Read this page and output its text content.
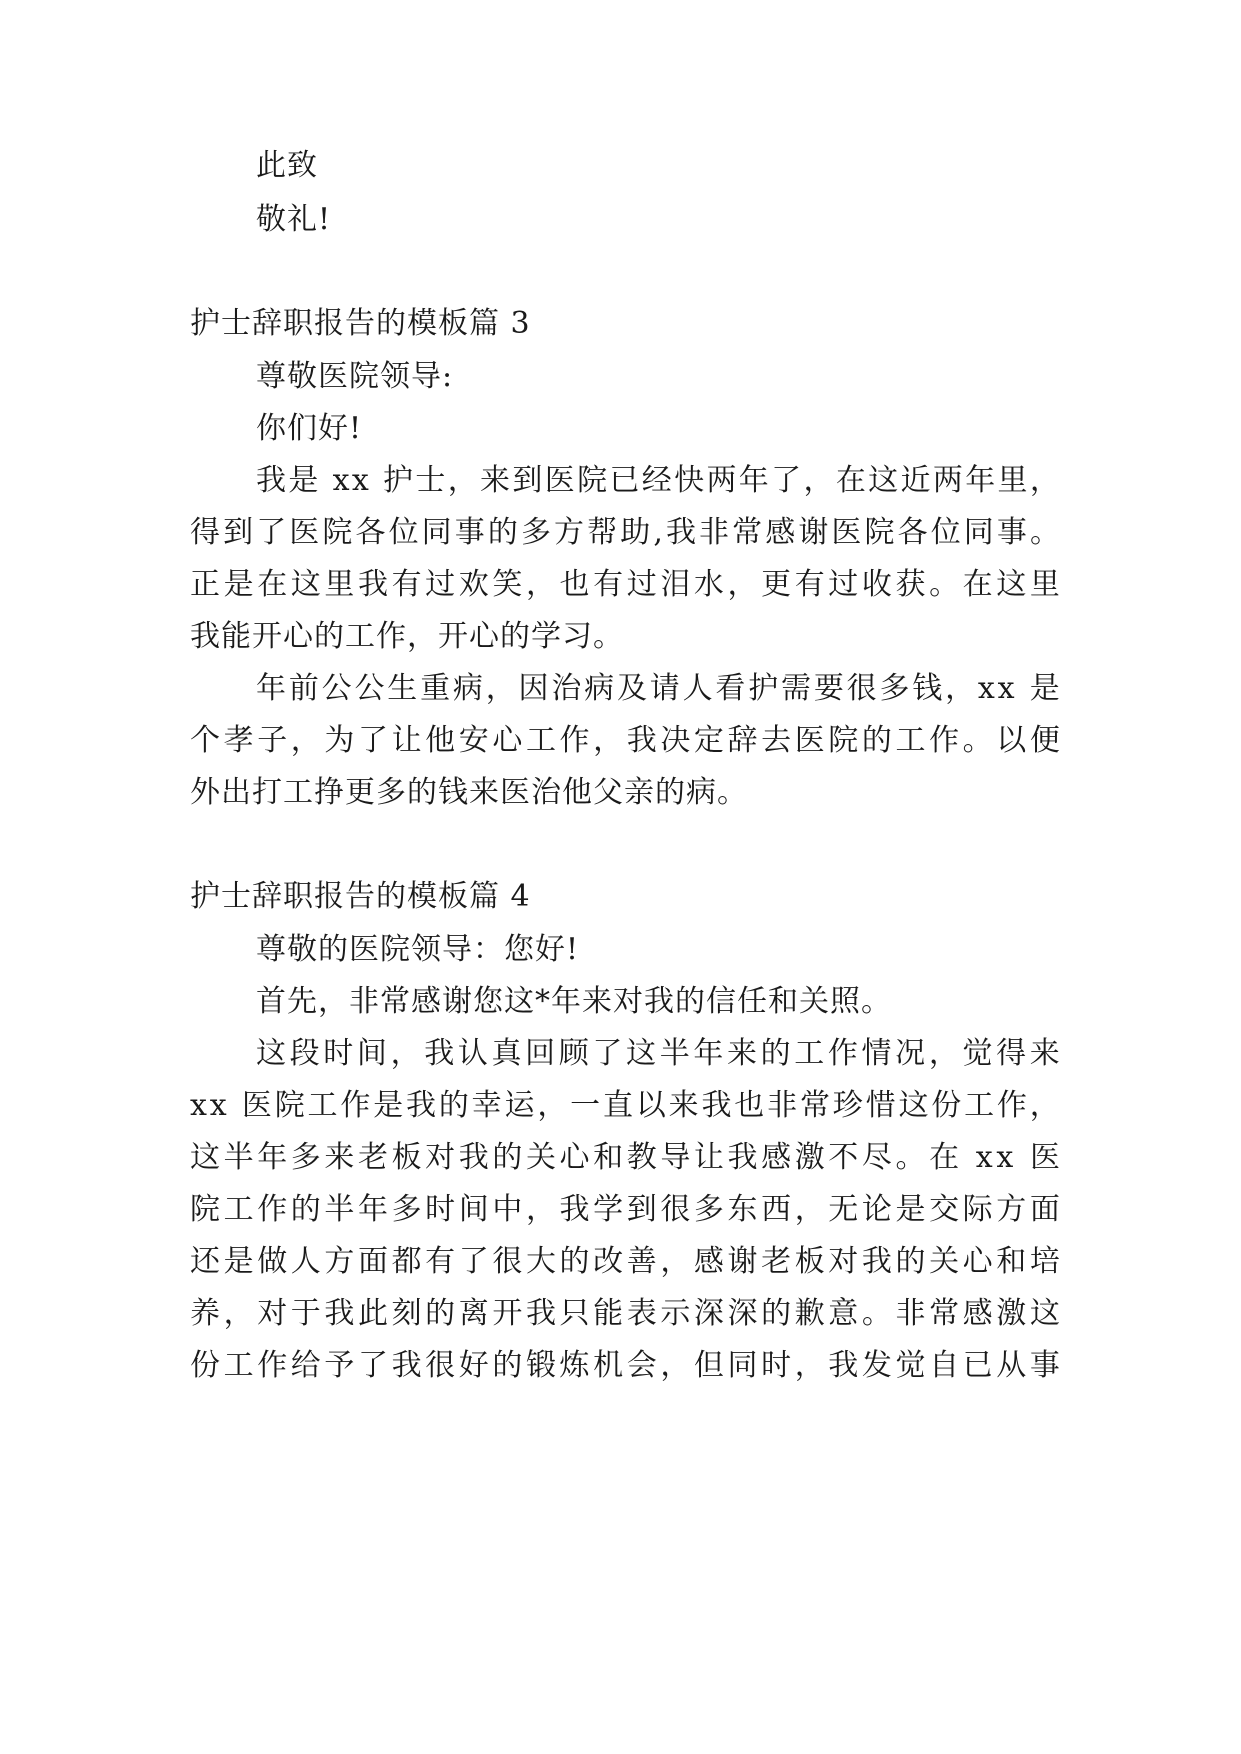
此致
敬礼!
护士辞职报告的模板篇 3
尊敬医院领导:
你们好!
我 是
x x
护 士 ， 来 到 医 院 已 经 快 两 年 了 ， 在 这 近 两 年 里 ，
得 到 了 医 院 各 位 同 事 的 多 方 帮 助 , 我 非 常 感 谢 医 院 各 位 同 事 。
正 是 在 这 里 我 有 过 欢 笑 ， 也 有 过 泪 水 ， 更 有 过 收 获 。 在 这 里
我能开心的工作，开心的学习。
年 前 公 公 生 重 病 ， 因 治 病 及 请 人 看 护 需 要 很 多 钱 ， x x
是
个 孝 子 ， 为 了 让 他 安 心 工 作 ， 我 决 定 辞 去 医 院 的 工 作 。 以 便
外出打工挣更多的钱来医治他父亲的病。
护士辞职报告的模板篇 4
尊敬的医院领导：您好!
首先，非常感谢您这*年来对我的信任和关照。
这 段 时 间 ， 我 认 真 回 顾 了 这 半 年 来 的 工 作 情 况 ， 觉 得 来
x x
医 院 工 作 是 我 的 幸 运 ， 一 直 以 来 我 也 非 常 珍 惜 这 份 工 作 ，
这 半 年 多 来 老 板 对 我 的 关 心 和 教 导 让 我 感 激 不 尽 。 在
x x
医
院 工 作 的 半 年 多 时 间 中 ， 我 学 到 很 多 东 西 ， 无 论 是 交 际 方 面
还 是 做 人 方 面 都 有 了 很 大 的 改 善 ， 感 谢 老 板 对 我 的 关 心 和 培
养 ， 对 于 我 此 刻 的 离 开 我 只 能 表 示 深 深 的 歉 意 。 非 常 感 激 这
份 工 作 给 予 了 我 很 好 的 锻 炼 机 会 ， 但 同 时 ， 我 发 觉 自 已 从 事
